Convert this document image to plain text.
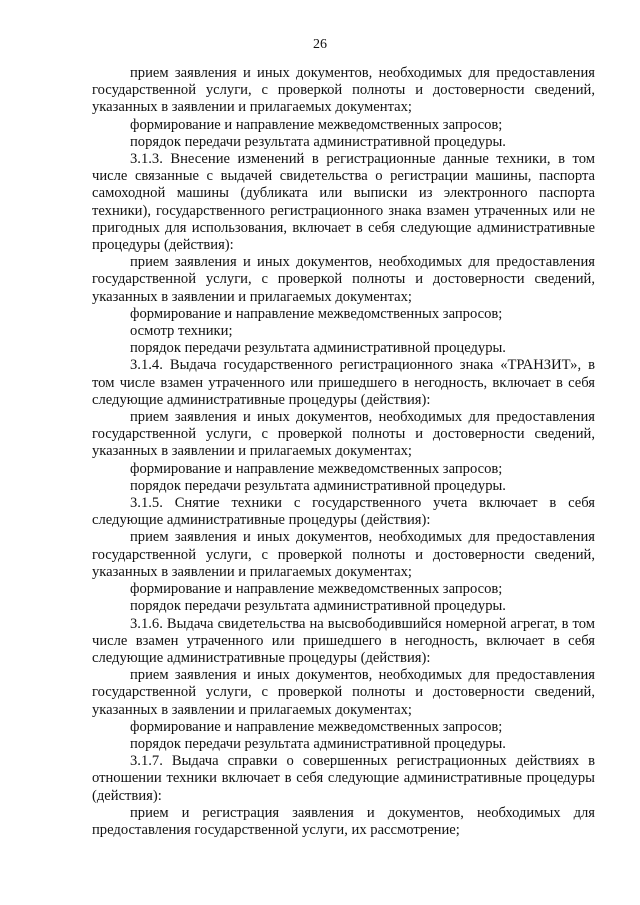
26

прием заявления и иных документов, необходимых для предоставления государственной услуги, с проверкой полноты и достоверности сведений, указанных в заявлении и прилагаемых документах;

формирование и направление межведомственных запросов;

порядок передачи результата административной процедуры.

3.1.3. Внесение изменений в регистрационные данные техники, в том числе связанные с выдачей свидетельства о регистрации машины, паспорта самоходной машины (дубликата или выписки из электронного паспорта техники), государственного регистрационного знака взамен утраченных или не пригодных для использования, включает в себя следующие административные процедуры (действия):

прием заявления и иных документов, необходимых для предоставления государственной услуги, с проверкой полноты и достоверности сведений, указанных в заявлении и прилагаемых документах;

формирование и направление межведомственных запросов;

осмотр техники;

порядок передачи результата административной процедуры.

3.1.4. Выдача государственного регистрационного знака «ТРАНЗИТ», в том числе взамен утраченного или пришедшего в негодность, включает в себя следующие административные процедуры (действия):

прием заявления и иных документов, необходимых для предоставления государственной услуги, с проверкой полноты и достоверности сведений, указанных в заявлении и прилагаемых документах;

формирование и направление межведомственных запросов;

порядок передачи результата административной процедуры.

3.1.5. Снятие техники с государственного учета включает в себя следующие административные процедуры (действия):

прием заявления и иных документов, необходимых для предоставления государственной услуги, с проверкой полноты и достоверности сведений, указанных в заявлении и прилагаемых документах;

формирование и направление межведомственных запросов;

порядок передачи результата административной процедуры.

3.1.6. Выдача свидетельства на высвободившийся номерной агрегат, в том числе взамен утраченного или пришедшего в негодность, включает в себя следующие административные процедуры (действия):

прием заявления и иных документов, необходимых для предоставления государственной услуги, с проверкой полноты и достоверности сведений, указанных в заявлении и прилагаемых документах;

формирование и направление межведомственных запросов;

порядок передачи результата административной процедуры.

3.1.7. Выдача справки о совершенных регистрационных действиях в отношении техники включает в себя следующие административные процедуры (действия):

прием и регистрация заявления и документов, необходимых для предоставления государственной услуги, их рассмотрение;
